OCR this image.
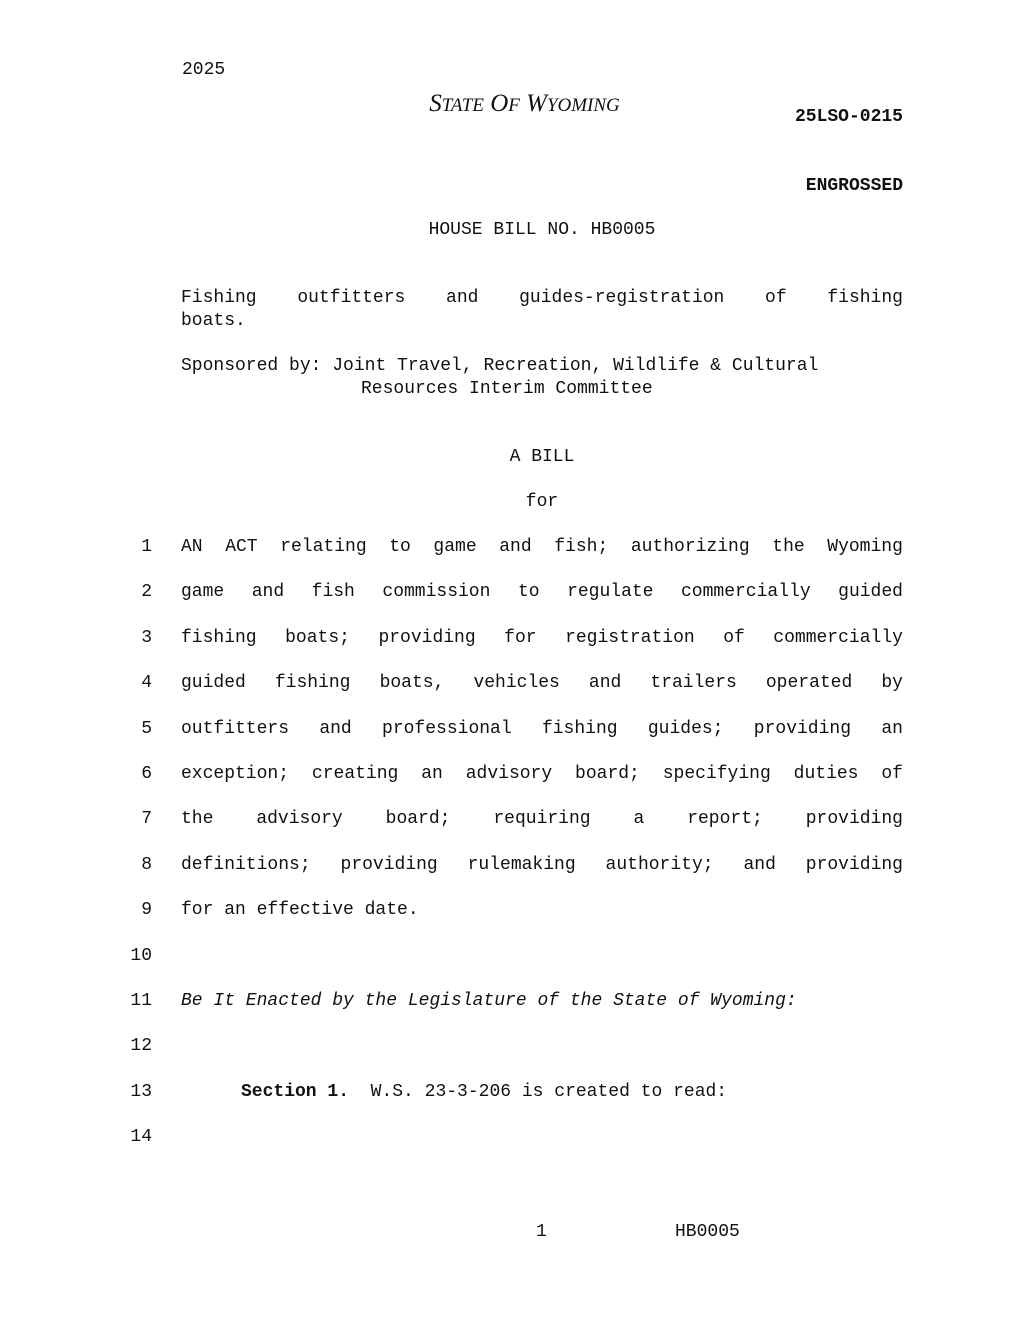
2025

STATE OF WYOMING

25LSO-0215

ENGROSSED

HOUSE BILL NO. HB0005
Fishing outfitters and guides-registration of fishing
boats.
Sponsored by: Joint Travel, Recreation, Wildlife & Cultural
Resources Interim Committee
A BILL
for
1 AN ACT relating to game and fish; authorizing the Wyoming
2 game and fish commission to regulate commercially guided
3 fishing boats; providing for registration of commercially
4 guided fishing boats, vehicles and trailers operated by
5 outfitters and professional fishing guides; providing an
6 exception; creating an advisory board; specifying duties of
7 the advisory board; requiring a report; providing
8 definitions; providing rulemaking authority; and providing
9 for an effective date.
10
11 Be It Enacted by the Legislature of the State of Wyoming:
12
13	Section 1. W.S. 23-3-206 is created to read:
14
1	HB0005
